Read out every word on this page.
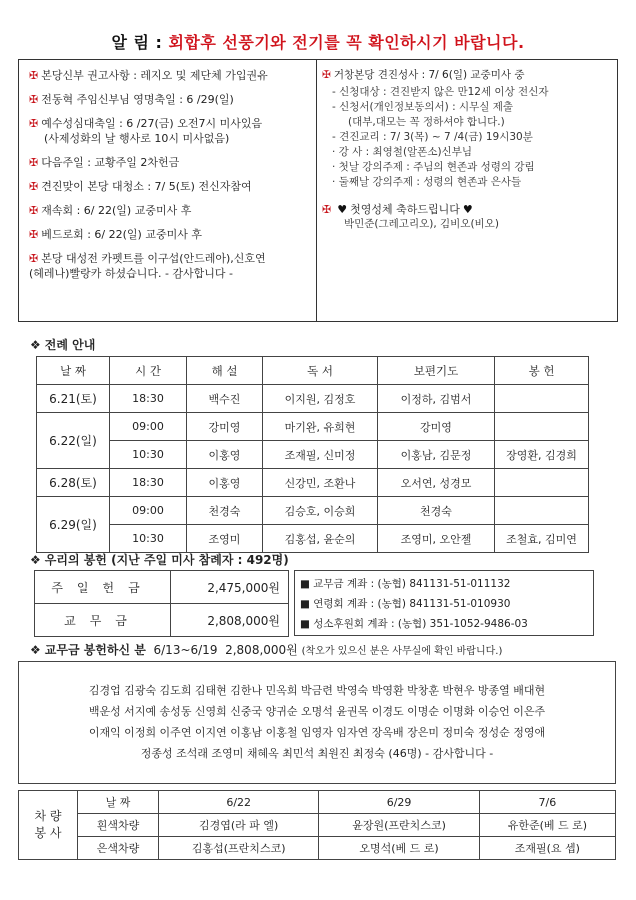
알 림 : 회합후 선풍기와 전기를 꼭 확인하시기 바랍니다.
✠ 본당신부 권고사항 : 레지오 및 제단체 가입권유
✠ 전동혁 주임신부님 영명축일 : 6 /29(일)
✠ 예수성심대축일 : 6 /27(금) 오전7시 미사있음
(사제성화의 날 행사로 10시 미사없음)
✠ 다음주일 : 교황주일 2차헌금
✠ 견진맞이 본당 대청소 : 7/ 5(토) 전신자참여
✠ 재속회 : 6/ 22(일) 교중미사 후
✠ 베드로회 : 6/ 22(일) 교중미사 후
✠ 본당 대성전 카펫트를 이구섭(안드레아),신호연
(헤레나)빨랑카 하셨습니다. - 감사합니다 -
✠ 거창본당 견진성사 : 7/ 6(일) 교중미사 중
- 신청대상 : 견진받지 않은 만12세 이상 전신자
- 신청서(개인정보동의서) : 시무실 제출
(대부,대모는 꼭 정하셔야 합니다.)
- 견진교리 : 7/ 3(목) ~ 7 /4(금) 19시30분
· 강 사 : 최영철(알폰소)신부님
· 첫날 강의주제 : 주님의 현존과 성령의 강림
· 둘째날 강의주제 : 성령의 현존과 은사들
✠ ♥ 첫영성체 축하드립니다 ♥
박민준(그레고리오), 김비오(비오)
❖ 전례 안내
날 짜	시 간	해 설	독 서	보편기도	봉 헌
6.21(토)	18:30	백수진	이지원, 김정호	이정하, 김범서	
6.22(일)	09:00	강미영	마기완, 유희현	강미영	
	10:30	이홍영	조재필, 신미정	이홍남, 김문정	장영환, 김경희
6.28(토)	18:30	이홍영	신강민, 조환나	오서연, 성경모	
6.29(일)	09:00	천경숙	김승호, 이승희	천경숙	
	10:30	조영미	김홍섭, 윤순의	조영미, 오안젤	조철효, 김미연
❖ 우리의 봉헌 (지난 주일 미사 참례자 : 492명)
주일헌금	2,475,000원
교무금	2,808,000원
■ 교무금 계좌 : (농협) 841131-51-011132
■ 연령회 계좌 : (농협) 841131-51-010930
■ 성소후원회 계좌 : (농협) 351-1052-9486-03
❖ 교무금 봉헌하신 분 6/13~6/19 2,808,000원 (착오가 있으신 분은 사무실에 확인 바랍니다.)
김경업 김광숙 김도희 김태현 김한나 민옥희 박금련 박영숙 박영환 박창훈 박현우 방종열 배대현
백운성 서지예 송성동 신영희 신중국 양귀순 오명석 윤권목 이경도 이명순 이명화 이승언 이은주
이재익 이정희 이주연 이지연 이홍남 이홍철 임영자 임자연 장옥배 장은미 정미숙 정성순 정영애
정종성 조석래 조영미 채혜옥 최민석 최원진 최정숙 (46명) - 감사합니다 -
차 량
봉 사	날 짜	6/22	6/29	7/6
	흰색차량	김경엽(라 파 엘)	윤장원(프란치스코)	유한준(베 드 로)
	은색차량	김홍섭(프란치스코)	오명석(베 드 로)	조재필(요 셉)
